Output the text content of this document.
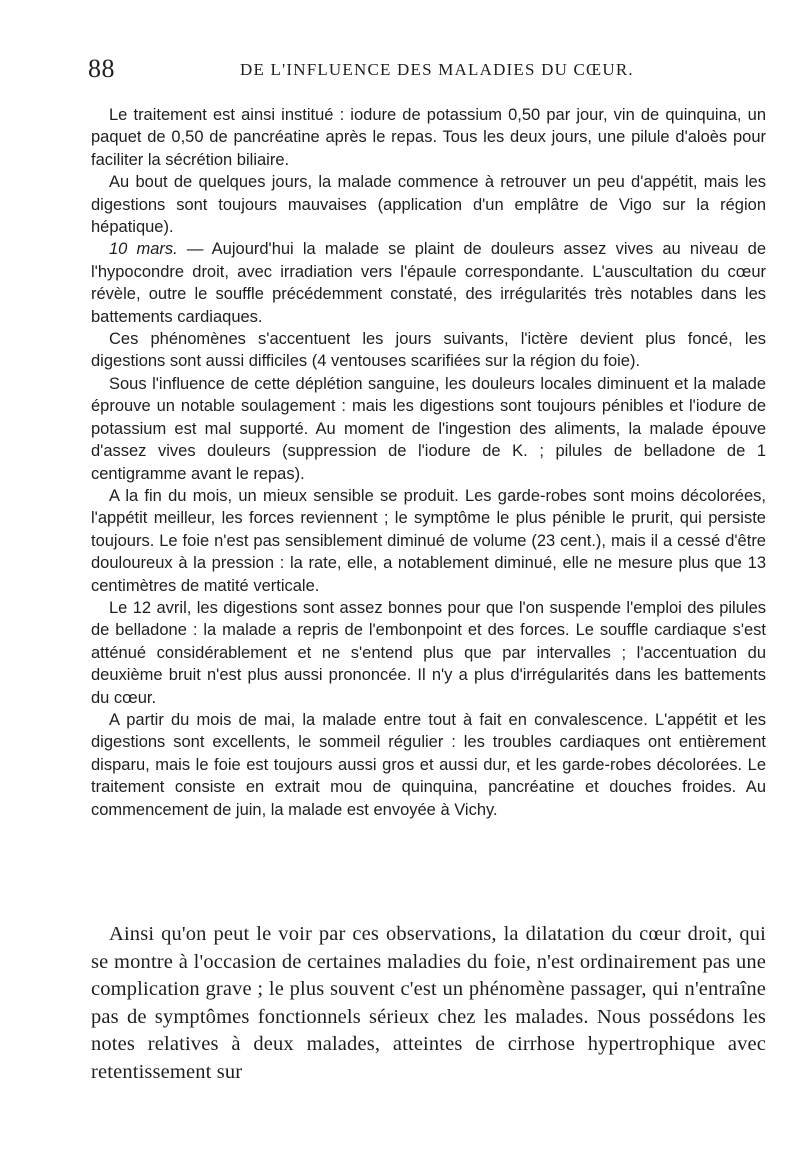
88	DE L'INFLUENCE DES MALADIES DU CŒUR.

Le traitement est ainsi institué : iodure de potassium 0,50 par jour, vin de quinquina, un paquet de 0,50 de pancréatine après le repas. Tous les deux jours, une pilule d'aloès pour faciliter la sécrétion biliaire.

Au bout de quelques jours, la malade commence à retrouver un peu d'appétit, mais les digestions sont toujours mauvaises (application d'un emplâtre de Vigo sur la région hépatique).

10 mars. — Aujourd'hui la malade se plaint de douleurs assez vives au niveau de l'hypocondre droit, avec irradiation vers l'épaule correspondante. L'auscultation du cœur révèle, outre le souffle précédemment constaté, des irrégularités très notables dans les battements cardiaques.

Ces phénomènes s'accentuent les jours suivants, l'ictère devient plus foncé, les digestions sont aussi difficiles (4 ventouses scarifiées sur la région du foie).

Sous l'influence de cette déplétion sanguine, les douleurs locales diminuent et la malade éprouve un notable soulagement : mais les digestions sont toujours pénibles et l'iodure de potassium est mal supporté. Au moment de l'ingestion des aliments, la malade épouve d'assez vives douleurs (suppression de l'iodure de K. ; pilules de belladone de 1 centigramme avant le repas).

A la fin du mois, un mieux sensible se produit. Les garde-robes sont moins décolorées, l'appétit meilleur, les forces reviennent ; le symptôme le plus pénible le prurit, qui persiste toujours. Le foie n'est pas sensiblement diminué de volume (23 cent.), mais il a cessé d'être douloureux à la pression : la rate, elle, a notablement diminué, elle ne mesure plus que 13 centimètres de matité verticale.

Le 12 avril, les digestions sont assez bonnes pour que l'on suspende l'emploi des pilules de belladone : la malade a repris de l'embonpoint et des forces. Le souffle cardiaque s'est atténué considérablement et ne s'entend plus que par intervalles ; l'accentuation du deuxième bruit n'est plus aussi prononcée. Il n'y a plus d'irrégularités dans les battements du cœur.

A partir du mois de mai, la malade entre tout à fait en convalescence. L'appétit et les digestions sont excellents, le sommeil régulier : les troubles cardiaques ont entièrement disparu, mais le foie est toujours aussi gros et aussi dur, et les garde-robes décolorées. Le traitement consiste en extrait mou de quinquina, pancréatine et douches froides. Au commencement de juin, la malade est envoyée à Vichy.

Ainsi qu'on peut le voir par ces observations, la dilatation du cœur droit, qui se montre à l'occasion de certaines maladies du foie, n'est ordinairement pas une complication grave ; le plus souvent c'est un phénomène passager, qui n'entraîne pas de symptômes fonctionnels sérieux chez les malades. Nous possédons les notes relatives à deux malades, atteintes de cirrhose hypertrophique avec retentissement sur
